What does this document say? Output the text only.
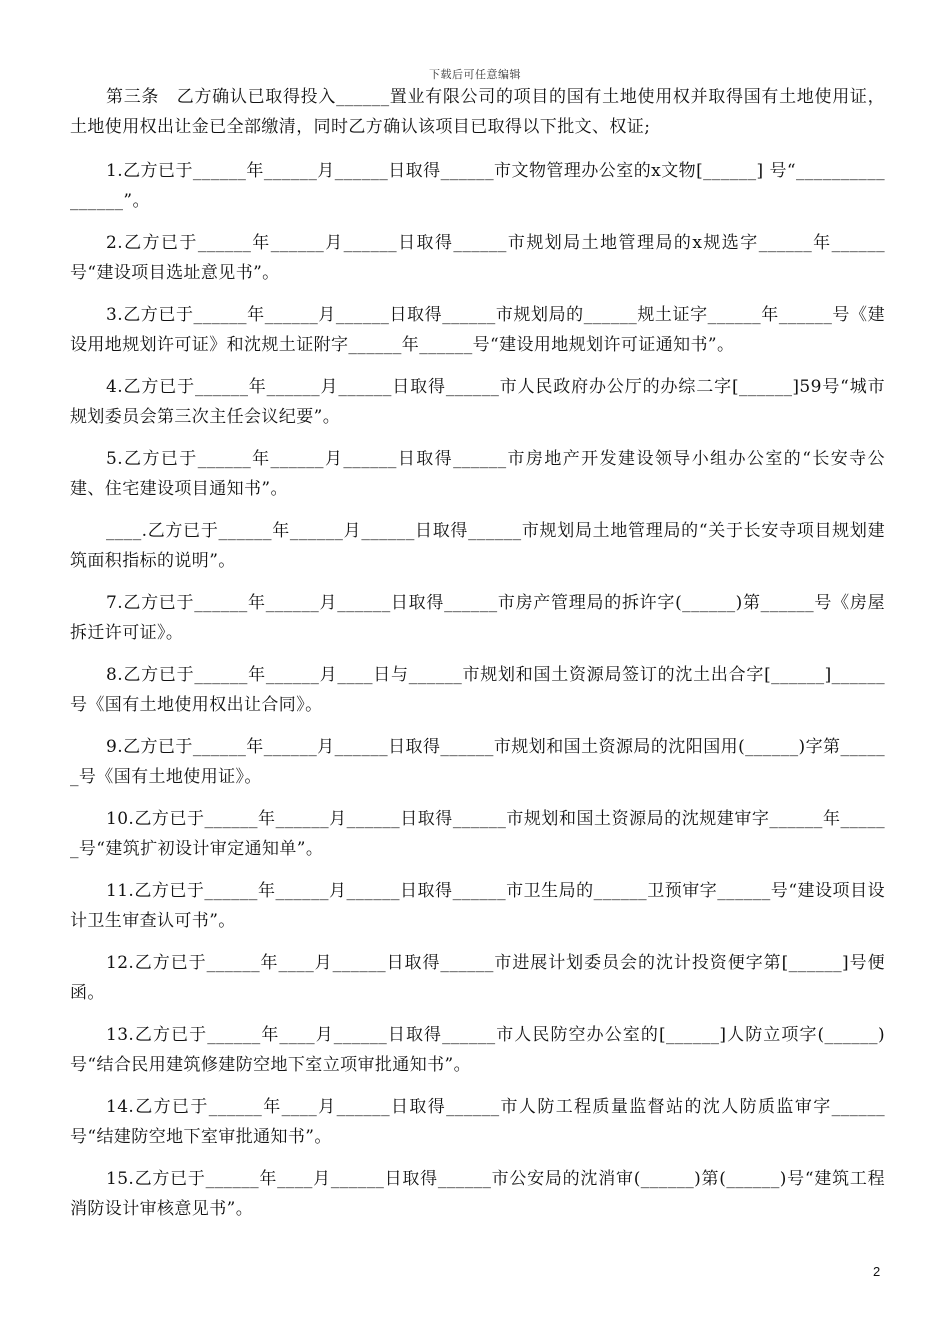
下载后可任意编辑

第三条　乙方确认已取得投入______置业有限公司的项目的国有土地使用权并取得国有土地使用证，土地使用权出让金已全部缴清，同时乙方确认该项目已取得以下批文、权证;

1.乙方已于______年______月______日取得______市文物管理办公室的x文物[______] 号“________________”。

2.乙方已于______年______月______日取得______市规划局土地管理局的x规选字______年______号“建设项目选址意见书”。

3.乙方已于______年______月______日取得______市规划局的______规土证字______年______号《建设用地规划许可证》和沈规土证附字______年______号“建设用地规划许可证通知书”。

4.乙方已于______年______月______日取得______市人民政府办公厅的办综二字[______]59号“城市规划委员会第三次主任会议纪要”。

5.乙方已于______年______月______日取得______市房地产开发建设领导小组办公室的“长安寺公建、住宅建设项目通知书”。

____.乙方已于______年______月______日取得______市规划局土地管理局的“关于长安寺项目规划建筑面积指标的说明”。

7.乙方已于______年______月______日取得______市房产管理局的拆许字(______)第______号《房屋拆迁许可证》。

8.乙方已于______年______月____日与______市规划和国土资源局签订的沈土出合字[______]______号《国有土地使用权出让合同》。

9.乙方已于______年______月______日取得______市规划和国土资源局的沈阳国用(______)字第______号《国有土地使用证》。

10.乙方已于______年______月______日取得______市规划和国土资源局的沈规建审字______年______号“建筑扩初设计审定通知单”。

11.乙方已于______年______月______日取得______市卫生局的______卫预审字______号“建设项目设计卫生审查认可书”。

12.乙方已于______年____月______日取得______市进展计划委员会的沈计投资便字第[______]号便函。

13.乙方已于______年____月______日取得______市人民防空办公室的[______]人防立项字(______)号“结合民用建筑修建防空地下室立项审批通知书”。

14.乙方已于______年____月______日取得______市人防工程质量监督站的沈人防质监审字______号“结建防空地下室审批通知书”。

15.乙方已于______年____月______日取得______市公安局的沈消审(______)第(______)号“建筑工程消防设计审核意见书”。

2
